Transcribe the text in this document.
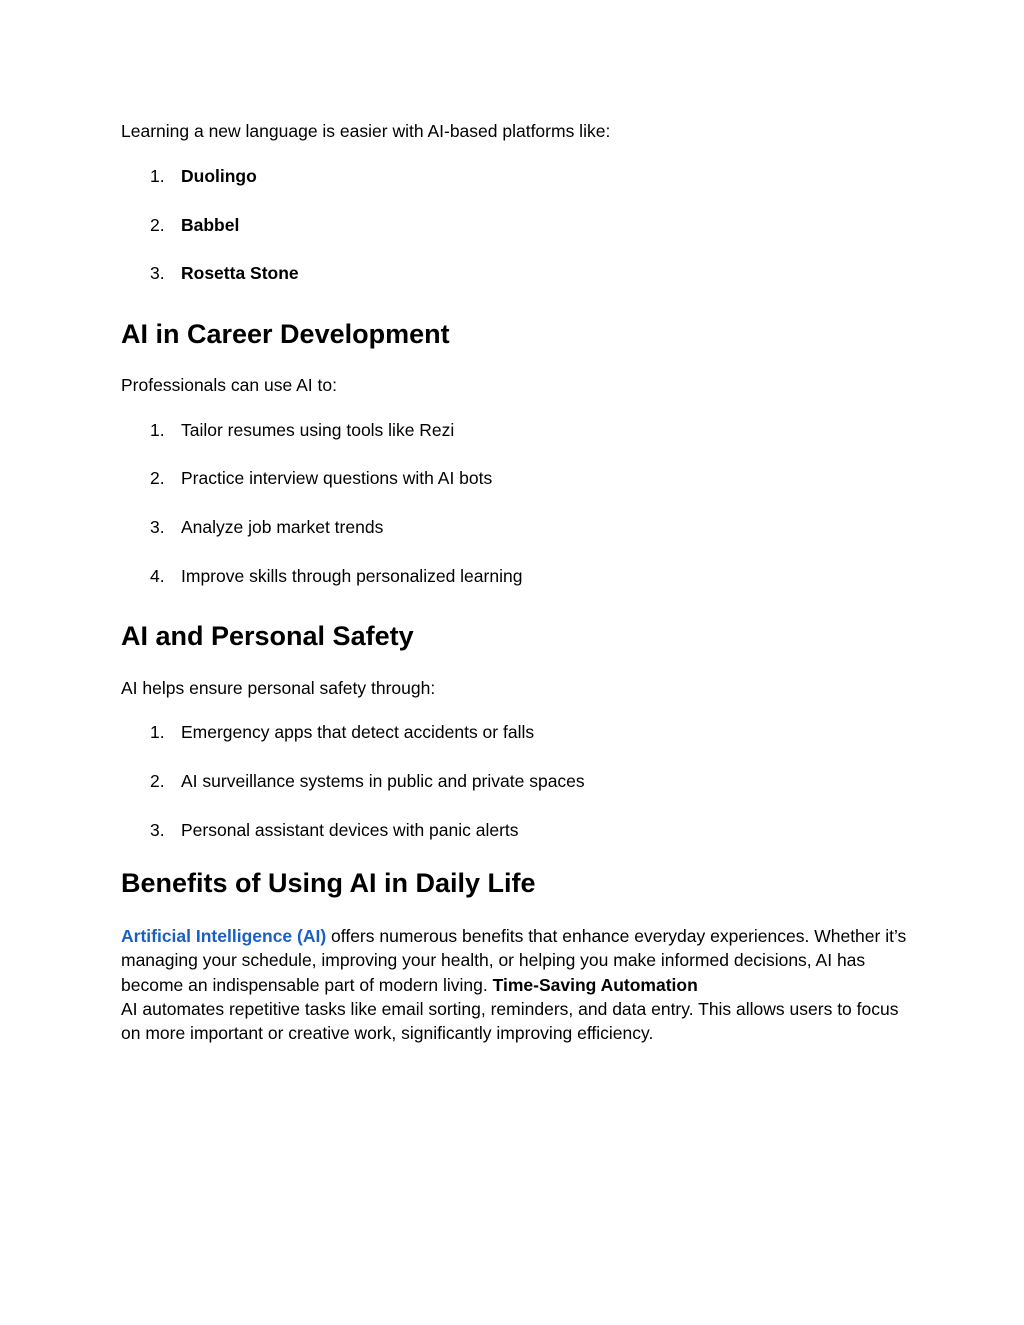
Learning a new language is easier with AI-based platforms like:
1. Duolingo
2. Babbel
3. Rosetta Stone
AI in Career Development
Professionals can use AI to:
1. Tailor resumes using tools like Rezi
2. Practice interview questions with AI bots
3. Analyze job market trends
4. Improve skills through personalized learning
AI and Personal Safety
AI helps ensure personal safety through:
1. Emergency apps that detect accidents or falls
2. AI surveillance systems in public and private spaces
3. Personal assistant devices with panic alerts
Benefits of Using AI in Daily Life
Artificial Intelligence (AI) offers numerous benefits that enhance everyday experiences. Whether it’s managing your schedule, improving your health, or helping you make informed decisions, AI has become an indispensable part of modern living. Time-Saving Automation
AI automates repetitive tasks like email sorting, reminders, and data entry. This allows users to focus on more important or creative work, significantly improving efficiency.
